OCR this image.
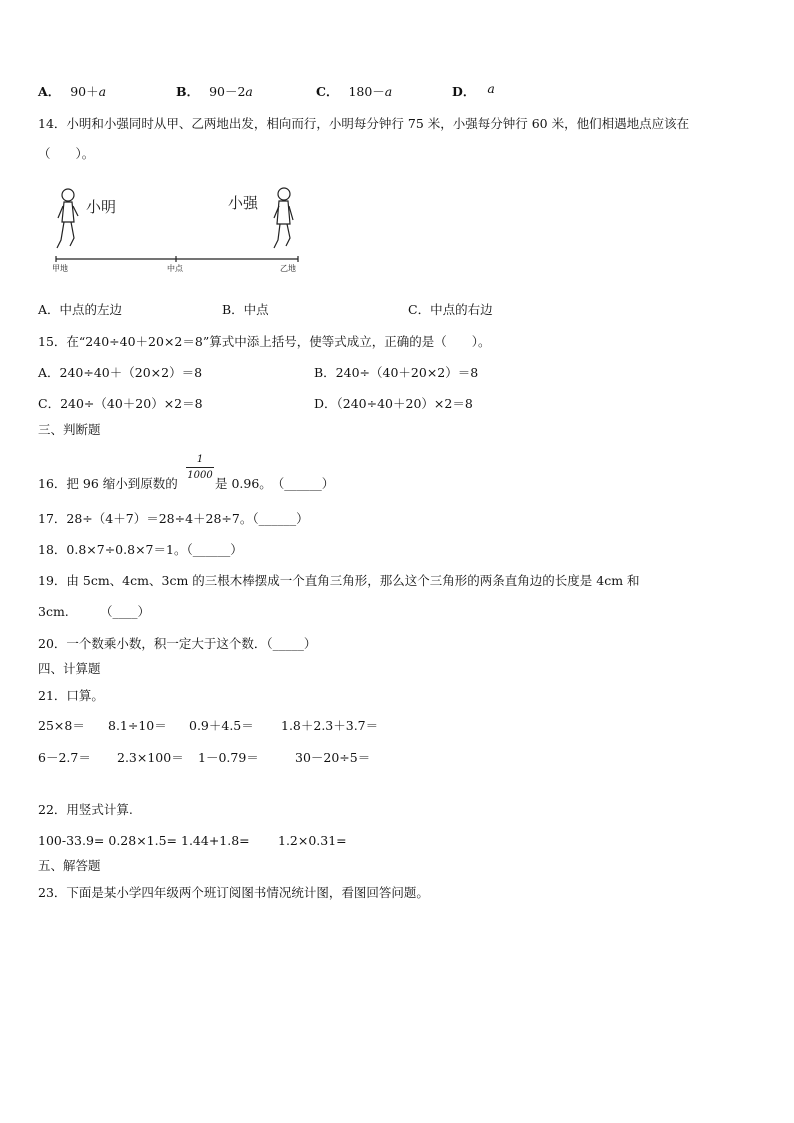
A． 90＋a	B． 90－2a	C． 180－a	D． a
14．小明和小强同时从甲、乙两地出发，相向而行，小明每分钟行 75 米，小强每分钟行 60 米，他们相遇地点应该在
（　　）。
小明	小强
甲地	中点	乙地
A．中点的左边	B．中点	C．中点的右边
15．在“240÷40＋20×2＝8”算式中添上括号，使等式成立，正确的是（　　）。
A．240÷40＋（20×2）＝8	B．240÷（40＋20×2）＝8
C．240÷（40＋20）×2＝8	D．（240÷40＋20）×2＝8
三、判断题
16．把 96 缩小到原数的
1
1000
是 0.96。　（______）
17．28÷（4＋7）＝28÷4＋28÷7。（______）
18．0.8×7÷0.8×7＝1。（______）
19．由 5cm、4cm、3cm 的三根木棒摆成一个直角三角形，那么这个三角形的两条直角边的长度是 4cm 和
3cm.　　　（____）
20．一个数乘小数，积一定大于这个数．（_____）
四、计算题
21．口算。
25×8＝ 8.1÷10＝ 0.9＋4.5＝ 1.8＋2.3＋3.7＝
6－2.7＝ 2.3×100＝ 1－0.79＝	30－20÷5＝
22．用竖式计算.
100-33.9= 0.28×1.5= 1.44+1.8= 1.2×0.31=
五、解答题
23．下面是某小学四年级两个班订阅图书情况统计图，看图回答问题。
